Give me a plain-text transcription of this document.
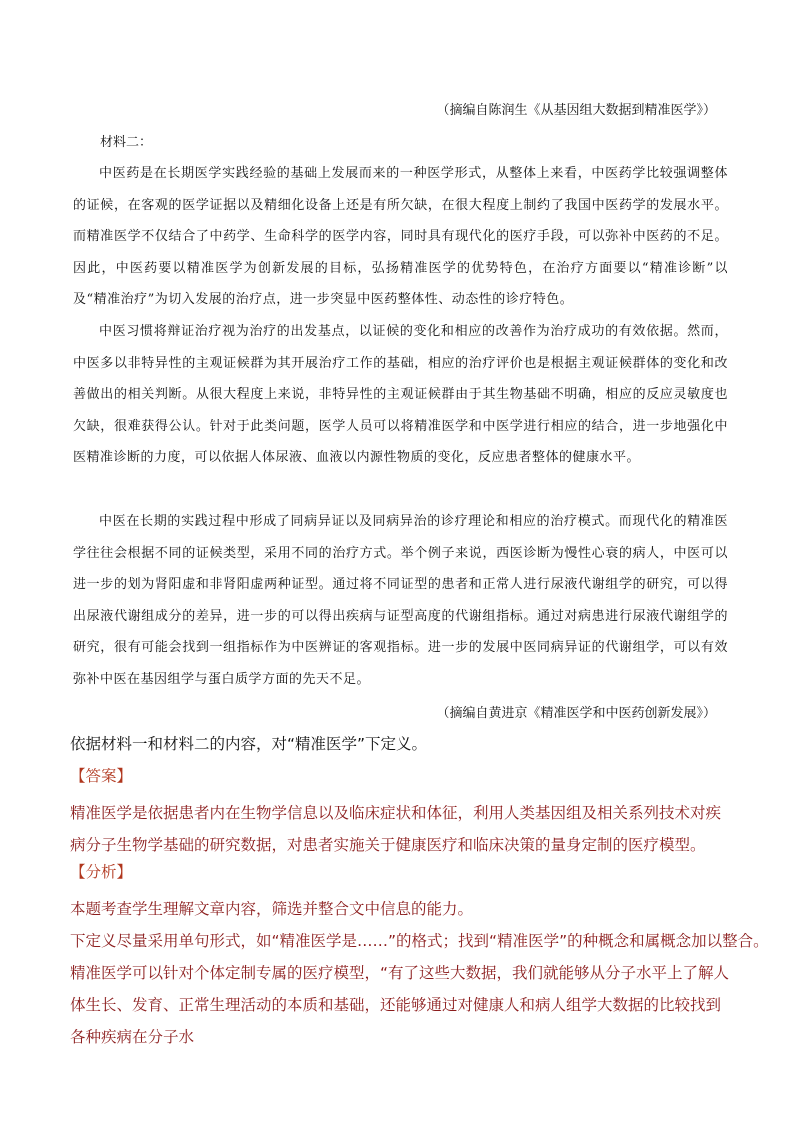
（摘编自陈润生《从基因组大数据到精准医学》）
材料二：

中医药是在长期医学实践经验的基础上发展而来的一种医学形式，从整体上来看，中医药学比较强调整体的证候，在客观的医学证据以及精细化设备上还是有所欠缺，在很大程度上制约了我国中医药学的发展水平。而精准医学不仅结合了中药学、生命科学的医学内容，同时具有现代化的医疗手段，可以弥补中医药的不足。因此，中医药要以精准医学为创新发展的目标，弘扬精准医学的优势特色，在治疗方面要以“精准诊断”以及“精准治疗”为切入发展的治疗点，进一步突显中医药整体性、动态性的诊疗特色。

中医习惯将辩证治疗视为治疗的出发基点，以证候的变化和相应的改善作为治疗成功的有效依据。然而，中医多以非特异性的主观证候群为其开展治疗工作的基础，相应的治疗评价也是根据主观证候群体的变化和改善做出的相关判断。从很大程度上来说，非特异性的主观证候群由于其生物基础不明确，相应的反应灵敏度也欠缺，很难获得公认。针对于此类问题，医学人员可以将精准医学和中医学进行相应的结合，进一步地强化中医精准诊断的力度，可以依据人体尿液、血液以内源性物质的变化，反应患者整体的健康水平。

中医在长期的实践过程中形成了同病异证以及同病异治的诊疗理论和相应的治疗模式。而现代化的精准医学往往会根据不同的证候类型，采用不同的治疗方式。举个例子来说，西医诊断为慢性心衰的病人，中医可以进一步的划为肾阳虚和非肾阳虚两种证型。通过将不同证型的患者和正常人进行尿液代谢组学的研究，可以得出尿液代谢组成分的差异，进一步的可以得出疾病与证型高度的代谢组指标。通过对病患进行尿液代谢组学的研究，很有可能会找到一组指标作为中医辨证的客观指标。进一步的发展中医同病异证的代谢组学，可以有效弥补中医在基因组学与蛋白质学方面的先天不足。

（摘编自黄进京《精准医学和中医药创新发展》）
依据材料一和材料二的内容，对“精准医学”下定义。
【答案】

精准医学是依据患者内在生物学信息以及临床症状和体征，利用人类基因组及相关系列技术对疾病分子生物学基础的研究数据，对患者实施关于健康医疗和临床决策的量身定制的医疗模型。

【分析】

本题考查学生理解文章内容，筛选并整合文中信息的能力。

下定义尽量采用单句形式，如“精准医学是……”的格式；找到“精准医学”的种概念和属概念加以整合。

精准医学可以针对个体定制专属的医疗模型，“有了这些大数据，我们就能够从分子水平上了解人体生长、发育、正常生理活动的本质和基础，还能够通过对健康人和病人组学大数据的比较找到各种疾病在分子水
